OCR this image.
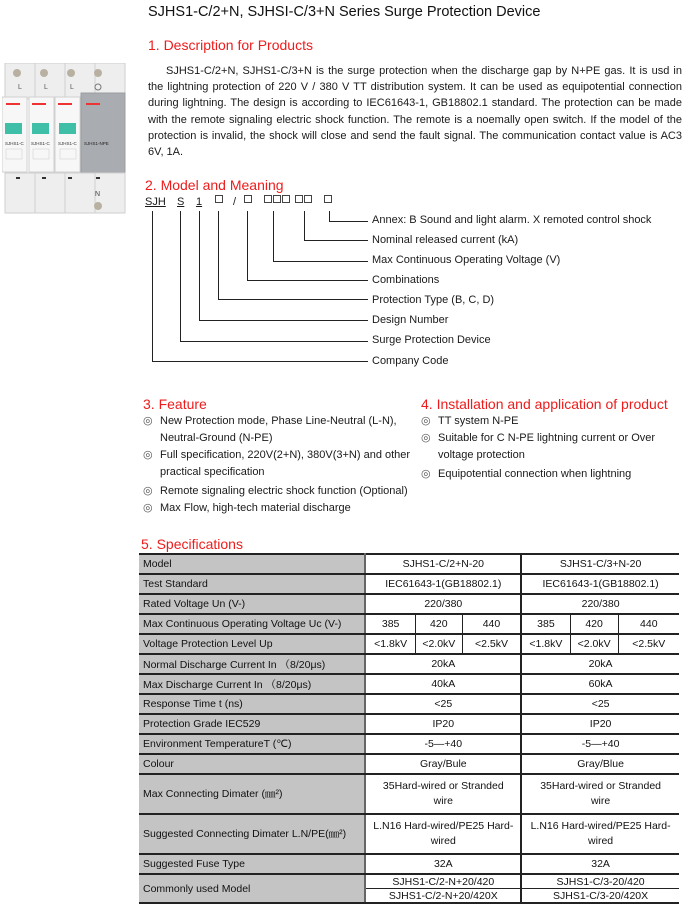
SJHS1-C/2+N, SJHSI-C/3+N Series Surge Protection Device
L	L	L
SJHS1-C SJHS1-C SJHS1-C SJHS1-NPE
N
1. Description for Products
SJHS1-C/2+N, SJHS1-C/3+N is the surge protection when the discharge gap by N+PE gas. It is usd in the lightning protection of 220 V / 380 V TT distribution system. It can be used as equipotential connection during lightning. The design is according to IEC61643-1, GB18802.1 standard. The protection can be made with the remote signaling electric shock function. The remote is a noemally open switch. If the model of the protection is invalid, the shock will close and send the fault signal. The communication contact value is AC3 6V, 1A.
2. Model and Meaning
SJH S 1	/
Annex: B Sound and light alarm. X remoted control shock
Nominal released current (kA)
Max Continuous Operating Voltage (V)
Combinations
Protection Type (B, C, D)
Design Number
Surge Protection Device
Company Code
3. Feature
◎ New Protection mode, Phase Line-Neutral (L-N),
Neutral-Ground (N-PE)
◎ Full specification, 220V(2+N), 380V(3+N) and other
practical specification
◎ Remote signaling electric shock function (Optional)
◎ Max Flow, high-tech material discharge
4. Installation and application of product
◎ TT system N-PE
◎ Suitable for C N-PE lightning current or Over
voltage protection
◎ Equipotential connection when lightning
5. Specifications
Model	SJHS1-C/2+N-20			SJHS1-C/3+N-20		
Test Standard	IEC61643-1(GB18802.1)			IEC61643-1(GB18802.1)		
Rated Voltage Un (V-)	220/380			220/380		
Max Continuous Operating Voltage Uc (V-)	385	420	440	385	420	440
Voltage Protection Level Up	<1.8kV	<2.0kV	<2.5kV	<1.8kV	<2.0kV	<2.5kV
Normal Discharge Current In （8/20μs)	20kA			20kA		
Max Discharge Current In （8/20μs)	40kA			60kA		
Response Time t (ns)	<25			<25		
Protection Grade IEC529	IP20			IP20		
Environment TemperatureT (℃)	-5—+40			-5—+40		
Colour	Gray/Bule			Gray/Blue		
Max Connecting Dimater (㎜²)	35Hard-wired or Stranded wire			35Hard-wired or Stranded wire		
Suggested Connecting Dimater L.N/PE(㎜²)	L.N16 Hard-wired/PE25 Hard-wired			L.N16 Hard-wired/PE25 Hard-wired		
Suggested Fuse Type	32A			32A		
Commonly used Model	SJHS1-C/2-N+20/420			SJHS1-C/3-20/420		
	SJHS1-C/2-N+20/420X			SJHS1-C/3-20/420X		
